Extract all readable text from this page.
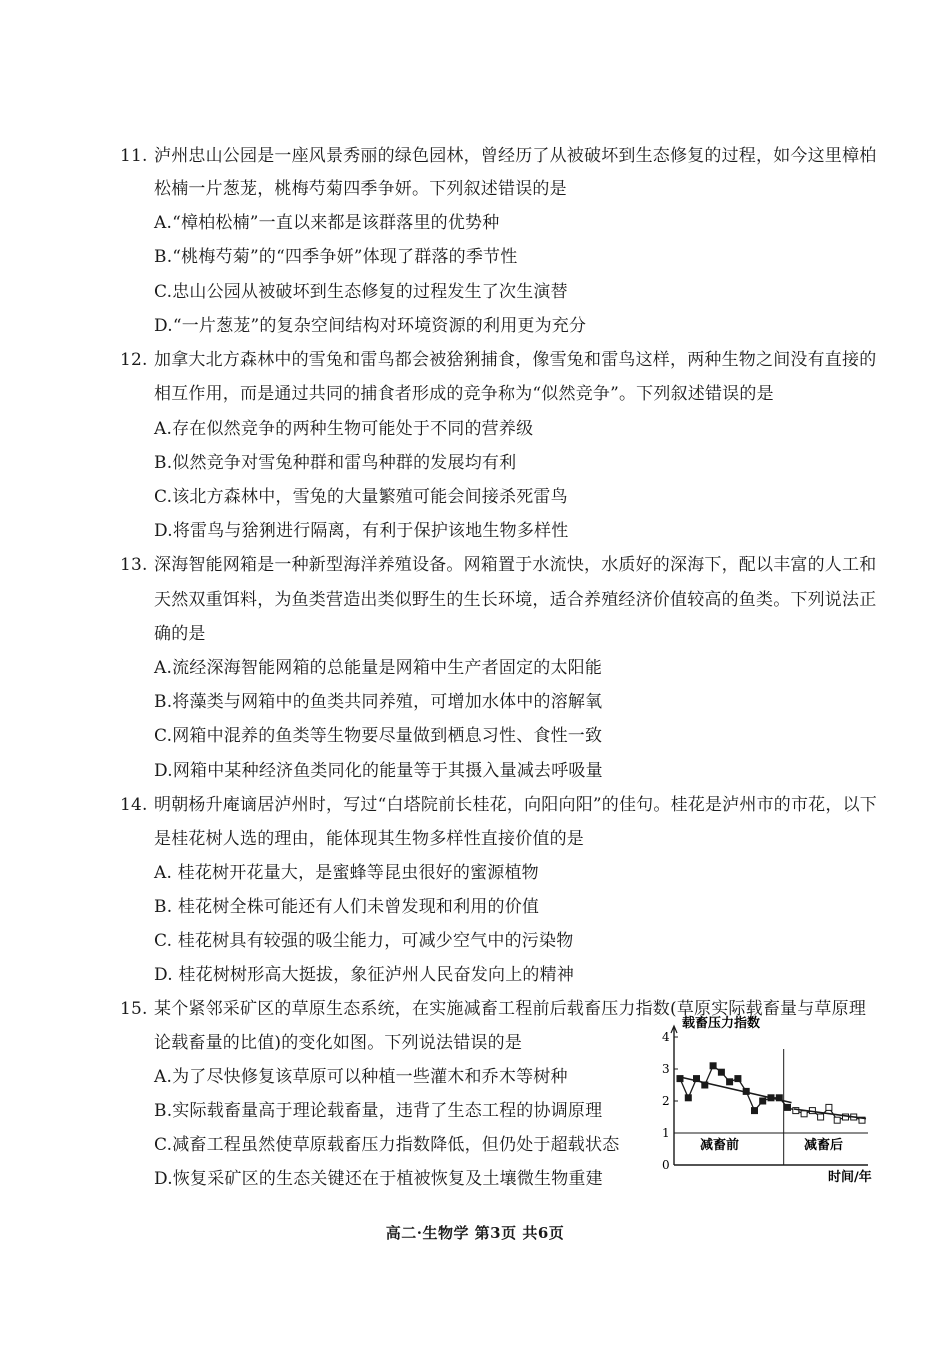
11. 泸州忠山公园是一座风景秀丽的绿色园林，曾经历了从被破坏到生态修复的过程，如今这里樟柏
松楠一片葱茏，桃梅芍菊四季争妍。下列叙述错误的是
A.“樟柏松楠”一直以来都是该群落里的优势种
B.“桃梅芍菊”的“四季争妍”体现了群落的季节性
C.忠山公园从被破坏到生态修复的过程发生了次生演替
D.“一片葱茏”的复杂空间结构对环境资源的利用更为充分
12. 加拿大北方森林中的雪兔和雷鸟都会被猞猁捕食，像雪兔和雷鸟这样，两种生物之间没有直接的
相互作用，而是通过共同的捕食者形成的竞争称为“似然竞争”。下列叙述错误的是
A.存在似然竞争的两种生物可能处于不同的营养级
B.似然竞争对雪兔种群和雷鸟种群的发展均有利
C.该北方森林中，雪兔的大量繁殖可能会间接杀死雷鸟
D.将雷鸟与猞猁进行隔离，有利于保护该地生物多样性
13. 深海智能网箱是一种新型海洋养殖设备。网箱置于水流快，水质好的深海下，配以丰富的人工和
天然双重饵料，为鱼类营造出类似野生的生长环境，适合养殖经济价值较高的鱼类。下列说法正
确的是
A.流经深海智能网箱的总能量是网箱中生产者固定的太阳能
B.将藻类与网箱中的鱼类共同养殖，可增加水体中的溶解氧
C.网箱中混养的鱼类等生物要尽量做到栖息习性、食性一致
D.网箱中某种经济鱼类同化的能量等于其摄入量减去呼吸量
14. 明朝杨升庵谪居泸州时，写过“白塔院前长桂花，向阳向阳”的佳句。桂花是泸州市的市花，以下
是桂花树人选的理由，能体现其生物多样性直接价值的是
A. 桂花树开花量大，是蜜蜂等昆虫很好的蜜源植物
B. 桂花树全株可能还有人们未曾发现和利用的价值
C. 桂花树具有较强的吸尘能力，可减少空气中的污染物
D. 桂花树树形高大挺拔，象征泸州人民奋发向上的精神
15. 某个紧邻采矿区的草原生态系统，在实施减畜工程前后载畜压力指数(草原实际载畜量与草原理
论载畜量的比值)的变化如图。下列说法错误的是
A.为了尽快修复该草原可以种植一些灌木和乔木等树种
B.实际载畜量高于理论载畜量，违背了生态工程的协调原理
C.减畜工程虽然使草原载畜压力指数降低，但仍处于超载状态
D.恢复采矿区的生态关键还在于植被恢复及土壤微生物重建
0
1
2
3
4
载畜压力指数
时间/年
减畜前	减畜后
高二·生物学 第3页 共6页
